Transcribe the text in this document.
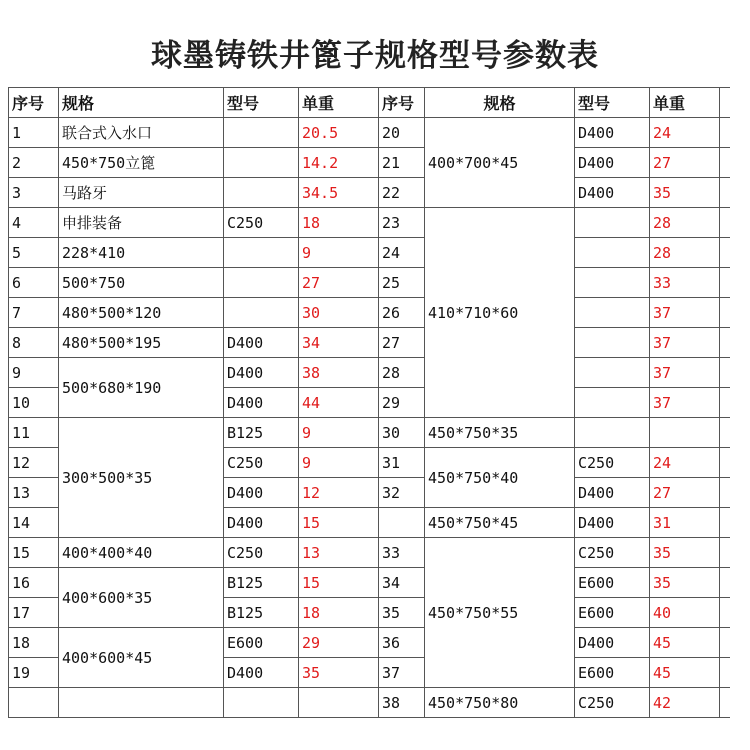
球墨铸铁井篦子规格型号参数表
序号	规格	型号	单重	序号	规格	型号	单重	
1	联合式入水口		20.5	20	400*700*45	D400	24	
2	450*750立篦		14.2	21		D400	27	
3	马路牙		34.5	22		D400	35	
4	申排装备	C250	18	23	410*710*60		28	
5	228*410		9	24			28	
6	500*750		27	25			33	
7	480*500*120		30	26			37	
8	480*500*195	D400	34	27			37	
9	500*680*190	D400	38	28			37	
10		D400	44	29			37	
11	300*500*35	B125	9	30	450*750*35			
12		C250	9	31	450*750*40	C250	24	
13		D400	12	32		D400	27	
14		D400	15		450*750*45	D400	31	
15	400*400*40	C250	13	33	450*750*55	C250	35	
16	400*600*35	B125	15	34		E600	35	
17		B125	18	35		E600	40	
18	400*600*45	E600	29	36		D400	45	
19		D400	35	37		E600	45	
				38	450*750*80	C250	42	
